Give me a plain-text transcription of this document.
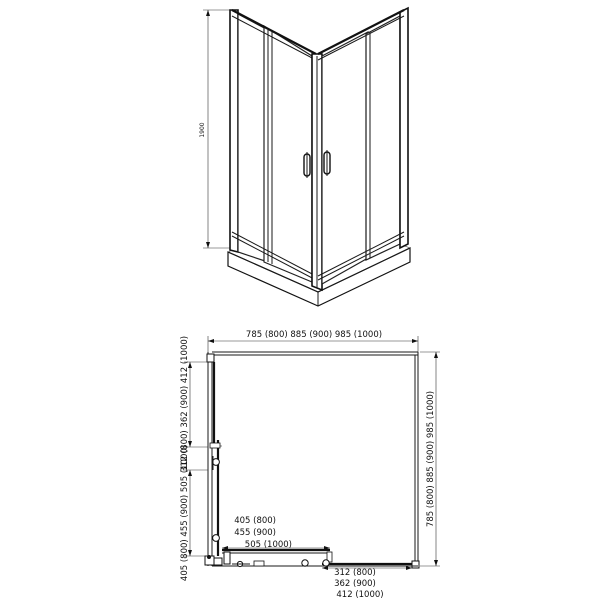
1900
785 (800) 885 (900) 985 (1000)
785 (800) 885 (900) 985 (1000)
312 (800) 362 (900) 412 (1000)
405 (800) 455 (900) 505 (1000)	405 (800)
455 (900)
505 (1000)
312 (800)
362 (900)
412 (1000)
